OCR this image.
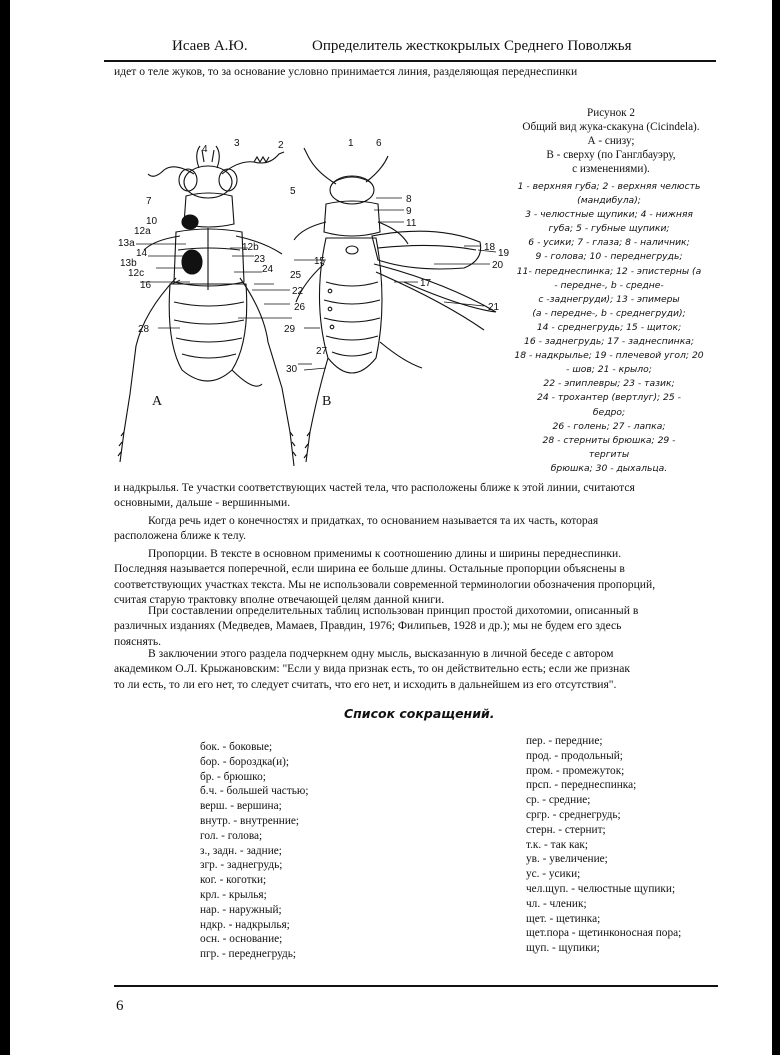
Исаев А.Ю.	Определитель жесткокрылых Среднего Поволжья
идет о теле жуков, то за основание условно принимается линия, разделяющая переднеспинки
4
3	2
7
5
10
12a
13a
14
13b
12b
12c
23
16
24
25
22
26
28
1 6
8
9
11
15
18
19
20
17
21
29
27
30
А	В
Рисунок 2
Общий вид жука-скакуна (Cicindela).
А - снизу;
В - сверху (по Ганглбауэру,
с изменениями).
1 - верхняя губа; 2 - верхняя челюсть
(мандибула);
3 - челюстные щупики; 4 - нижняя
губа; 5 - губные щупики;
6 - усики; 7 - глаза; 8 - наличник;
9 - голова; 10 - переднегрудь;
11- переднеспинка; 12 - эпистерны (a
- передне-, b - средне-
c -заднегруди); 13 - эпимеры
(a - передне-, b - среднегруди);
14 - среднегрудь; 15 - щиток;
16 - заднегрудь; 17 - заднеспинка;
18 - надкрылье; 19 - плечевой угол; 20
- шов; 21 - крыло;
22 - эпиплевры; 23 - тазик;
24 - трохантер (вертлуг); 25 -
бедро;
26 - голень; 27 - лапка;
28 - стерниты брюшка; 29 -
тергиты
брюшка; 30 - дыхальца.
и надкрылья. Те участки соответствующих частей тела, что расположены ближе к этой линии, считаются
основными, дальше - вершинными.
Когда речь идет о конечностях и придатках, то основанием называется та их часть, которая
расположена ближе к телу.
Пропорции. В тексте в основном применимы к соотношению длины и ширины переднеспинки.
Последняя называется поперечной, если ширина ее больше длины. Остальные пропорции объяснены в
соответствующих участках текста. Мы не использовали современной терминологии обозначения пропорций,
считая старую трактовку вполне отвечающей целям данной книги.
При составлении определительных таблиц использован принцип простой дихотомии, описанный в
различных изданиях (Медведев, Мамаев, Правдин, 1976; Филипьев, 1928 и др.); мы не будем его здесь
пояснять.
В заключении этого раздела подчеркнем одну мысль, высказанную в личной беседе с автором
академиком О.Л. Крыжановским: "Если у вида признак есть, то он действительно есть; если же признак
то ли есть, то ли его нет, то следует считать, что его нет, и исходить в дальнейшем из его отсутствия".
Список сокращений.
бок. - боковые;
бор. - бороздка(и);
бр. - брюшко;
б.ч. - большей частью;
верш. - вершина;
внутр. - внутренние;
гол. - голова;
з., задн. - задние;
згр. - заднегрудь;
ког. - коготки;
крл. - крылья;
нар. - наружный;
ндкр. - надкрылья;
осн. - основание;
пгр. - переднегрудь;
пер. - передние;
прод. - продольный;
пром. - промежуток;
прсп. - переднеспинка;
ср. - средние;
сргр. - среднегрудь;
стерн. - стернит;
т.к. - так как;
ув. - увеличение;
ус. - усики;
чел.щуп. - челюстные щупики;
чл. - членик;
щет. - щетинка;
щет.пора - щетинконосная пора;
щуп. - щупики;
6
